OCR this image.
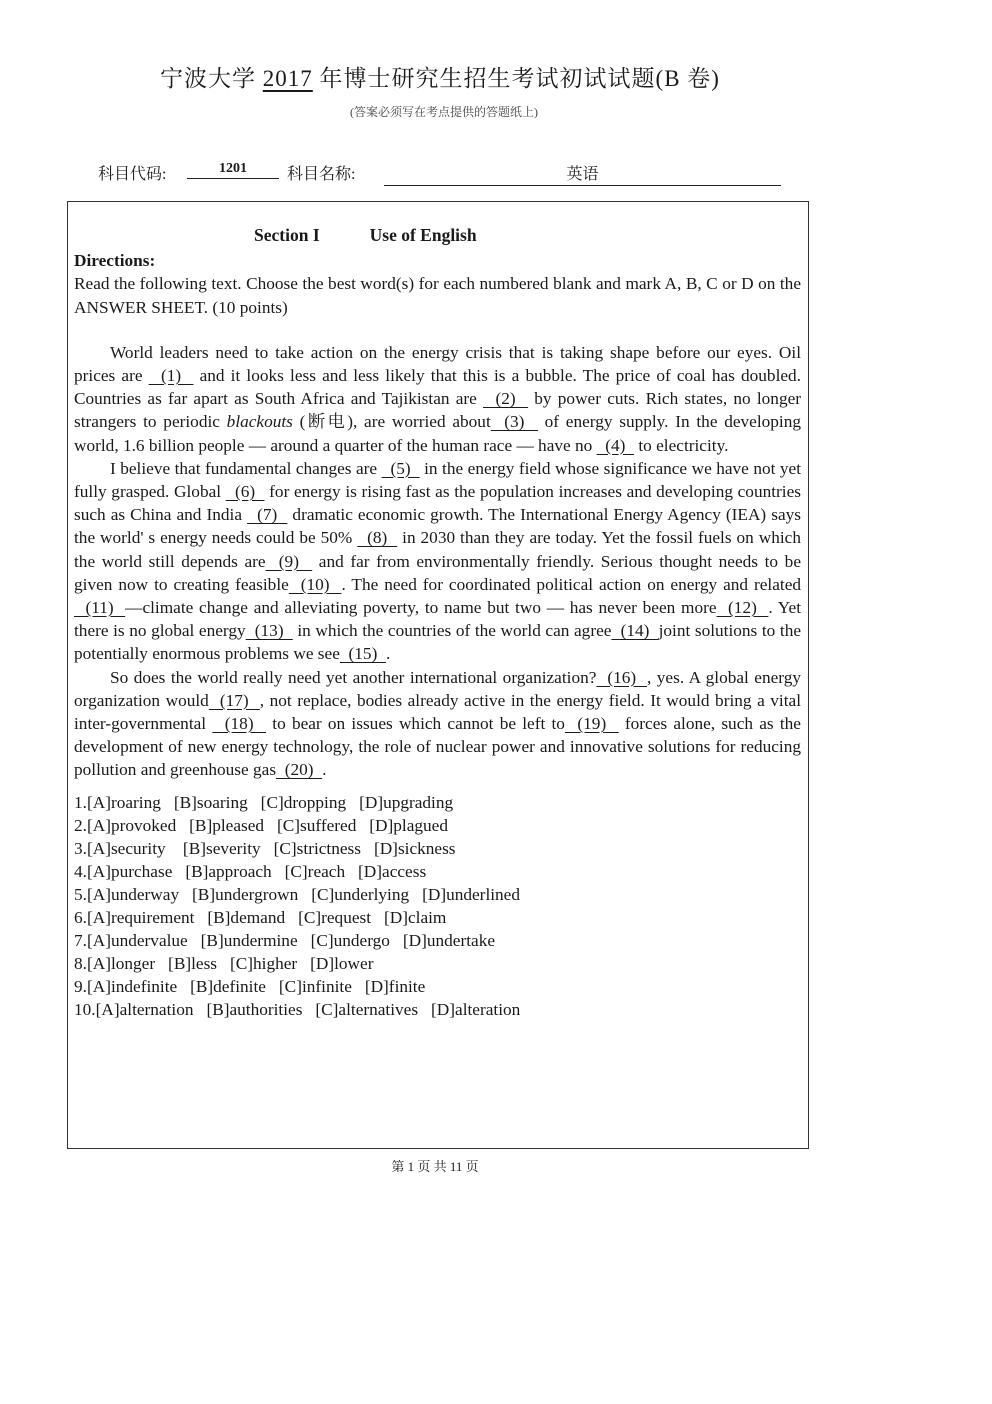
宁波大学 2017 年博士研究生招生考试初试试题(B 卷)
(答案必须写在考点提供的答题纸上)
科目代码:	1201	科目名称:	英语
Section I	Use of English
Directions:

Read the following text. Choose the best word(s) for each numbered blank and mark A, B, C or D on the ANSWER SHEET. (10 points)

World leaders need to take action on the energy crisis that is taking shape before our eyes. Oil prices are   (1)   and it looks less and less likely that this is a bubble. The price of coal has doubled. Countries as far apart as South Africa and Tajikistan are   (2)   by power cuts. Rich states, no longer strangers to periodic blackouts (断电), are worried about  (3)   of energy supply. In the developing world, 1.6 billion people — around a quarter of the human race — have no   (4)   to electricity.

I believe that fundamental changes are   (5)   in the energy field whose significance we have not yet fully grasped. Global   (6)   for energy is rising fast as the population increases and developing countries such as China and India   (7)   dramatic economic growth. The International Energy Agency (IEA) says the world' s energy needs could be 50%   (8)   in 2030 than they are today. Yet the fossil fuels on which the world still depends are  (9)   and far from environmentally friendly. Serious thought needs to be given now to creating feasible  (10)  . The need for coordinated political action on energy and related  (11)  —climate change and alleviating poverty, to name but two — has never been more  (12)  . Yet there is no global energy  (13)   in which the countries of the world can agree  (14)  joint solutions to the potentially enormous problems we see  (15)  .

So does the world really need yet another international organization?  (16)  , yes. A global energy organization would  (17)  , not replace, bodies already active in the energy field. It would bring a vital inter-governmental   (18)   to bear on issues which cannot be left to  (19)   forces alone, such as the development of new energy technology, the role of nuclear power and innovative solutions for reducing pollution and greenhouse gas  (20)  .

1.[A]roaring   [B]soaring   [C]dropping   [D]upgrading
2.[A]provoked   [B]pleased   [C]suffered   [D]plagued
3.[A]security    [B]severity   [C]strictness   [D]sickness
4.[A]purchase   [B]approach   [C]reach   [D]access
5.[A]underway   [B]undergrown   [C]underlying   [D]underlined
6.[A]requirement   [B]demand   [C]request   [D]claim
7.[A]undervalue   [B]undermine   [C]undergo   [D]undertake
8.[A]longer   [B]less   [C]higher   [D]lower
9.[A]indefinite   [B]definite   [C]infinite   [D]finite
10.[A]alternation   [B]authorities   [C]alternatives   [D]alteration
第 1 页 共 11 页
